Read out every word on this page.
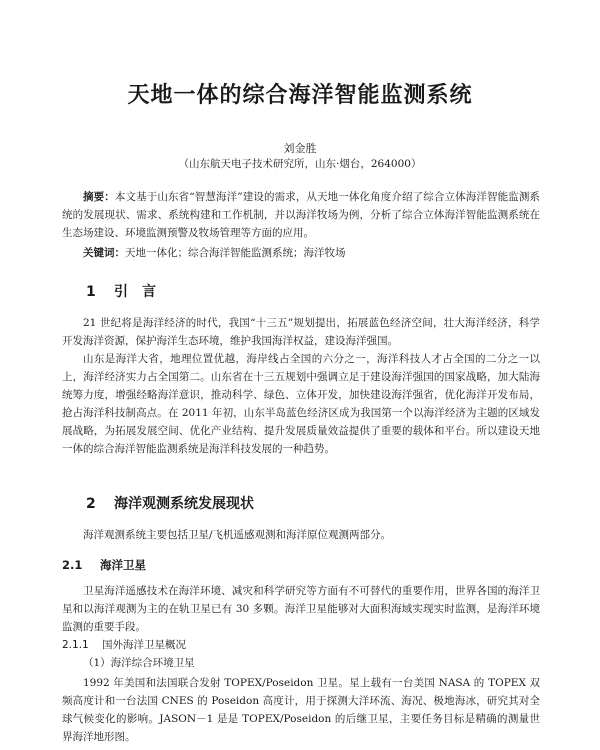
天地一体的综合海洋智能监测系统
刘金胜
（山东航天电子技术研究所，山东·烟台，264000）
摘要：本文基于山东省“智慧海洋”建设的需求，从天地一体化角度介绍了综合立体海洋智能监测系统的发展现状、需求、系统构建和工作机制，并以海洋牧场为例，分析了综合立体海洋智能监测系统在生态场建设、环境监测预警及牧场管理等方面的应用。
关键词：天地一体化；综合海洋智能监测系统；海洋牧场
1 引　言
21 世纪将是海洋经济的时代，我国“十三五”规划提出，拓展蓝色经济空间，壮大海洋经济，科学开发海洋资源，保护海洋生态环境，维护我国海洋权益，建设海洋强国。
山东是海洋大省，地理位置优越，海岸线占全国的六分之一，海洋科技人才占全国的二分之一以上，海洋经济实力占全国第二。山东省在十三五规划中强调立足于建设海洋强国的国家战略，加大陆海统筹力度，增强经略海洋意识，推动科学、绿色、立体开发，加快建设海洋强省，优化海洋开发布局，抢占海洋科技制高点。在 2011 年初，山东半岛蓝色经济区成为我国第一个以海洋经济为主题的区域发展战略，为拓展发展空间、优化产业结构、提升发展质量效益提供了重要的载体和平台。所以建设天地一体的综合海洋智能监测系统是海洋科技发展的一种趋势。
2 海洋观测系统发展现状
海洋观测系统主要包括卫星/飞机遥感观测和海洋原位观测两部分。
2.1 海洋卫星
卫星海洋遥感技术在海洋环境、减灾和科学研究等方面有不可替代的重要作用，世界各国的海洋卫星和以海洋观测为主的在轨卫星已有 30 多颗。海洋卫星能够对大面积海域实现实时监测，是海洋环境监测的重要手段。
2.1.1 国外海洋卫星概况
（1）海洋综合环境卫星
1992 年美国和法国联合发射 TOPEX/Poseidon 卫星。星上载有一台美国 NASA 的 TOPEX 双频高度计和一台法国 CNES 的 Poseidon 高度计，用于探测大洋环流、海况、极地海冰，研究其对全球气候变化的影响。JASON－1 是是 TOPEX/Poseidon 的后继卫星，主要任务目标是精确的测量世界海洋地形图。
